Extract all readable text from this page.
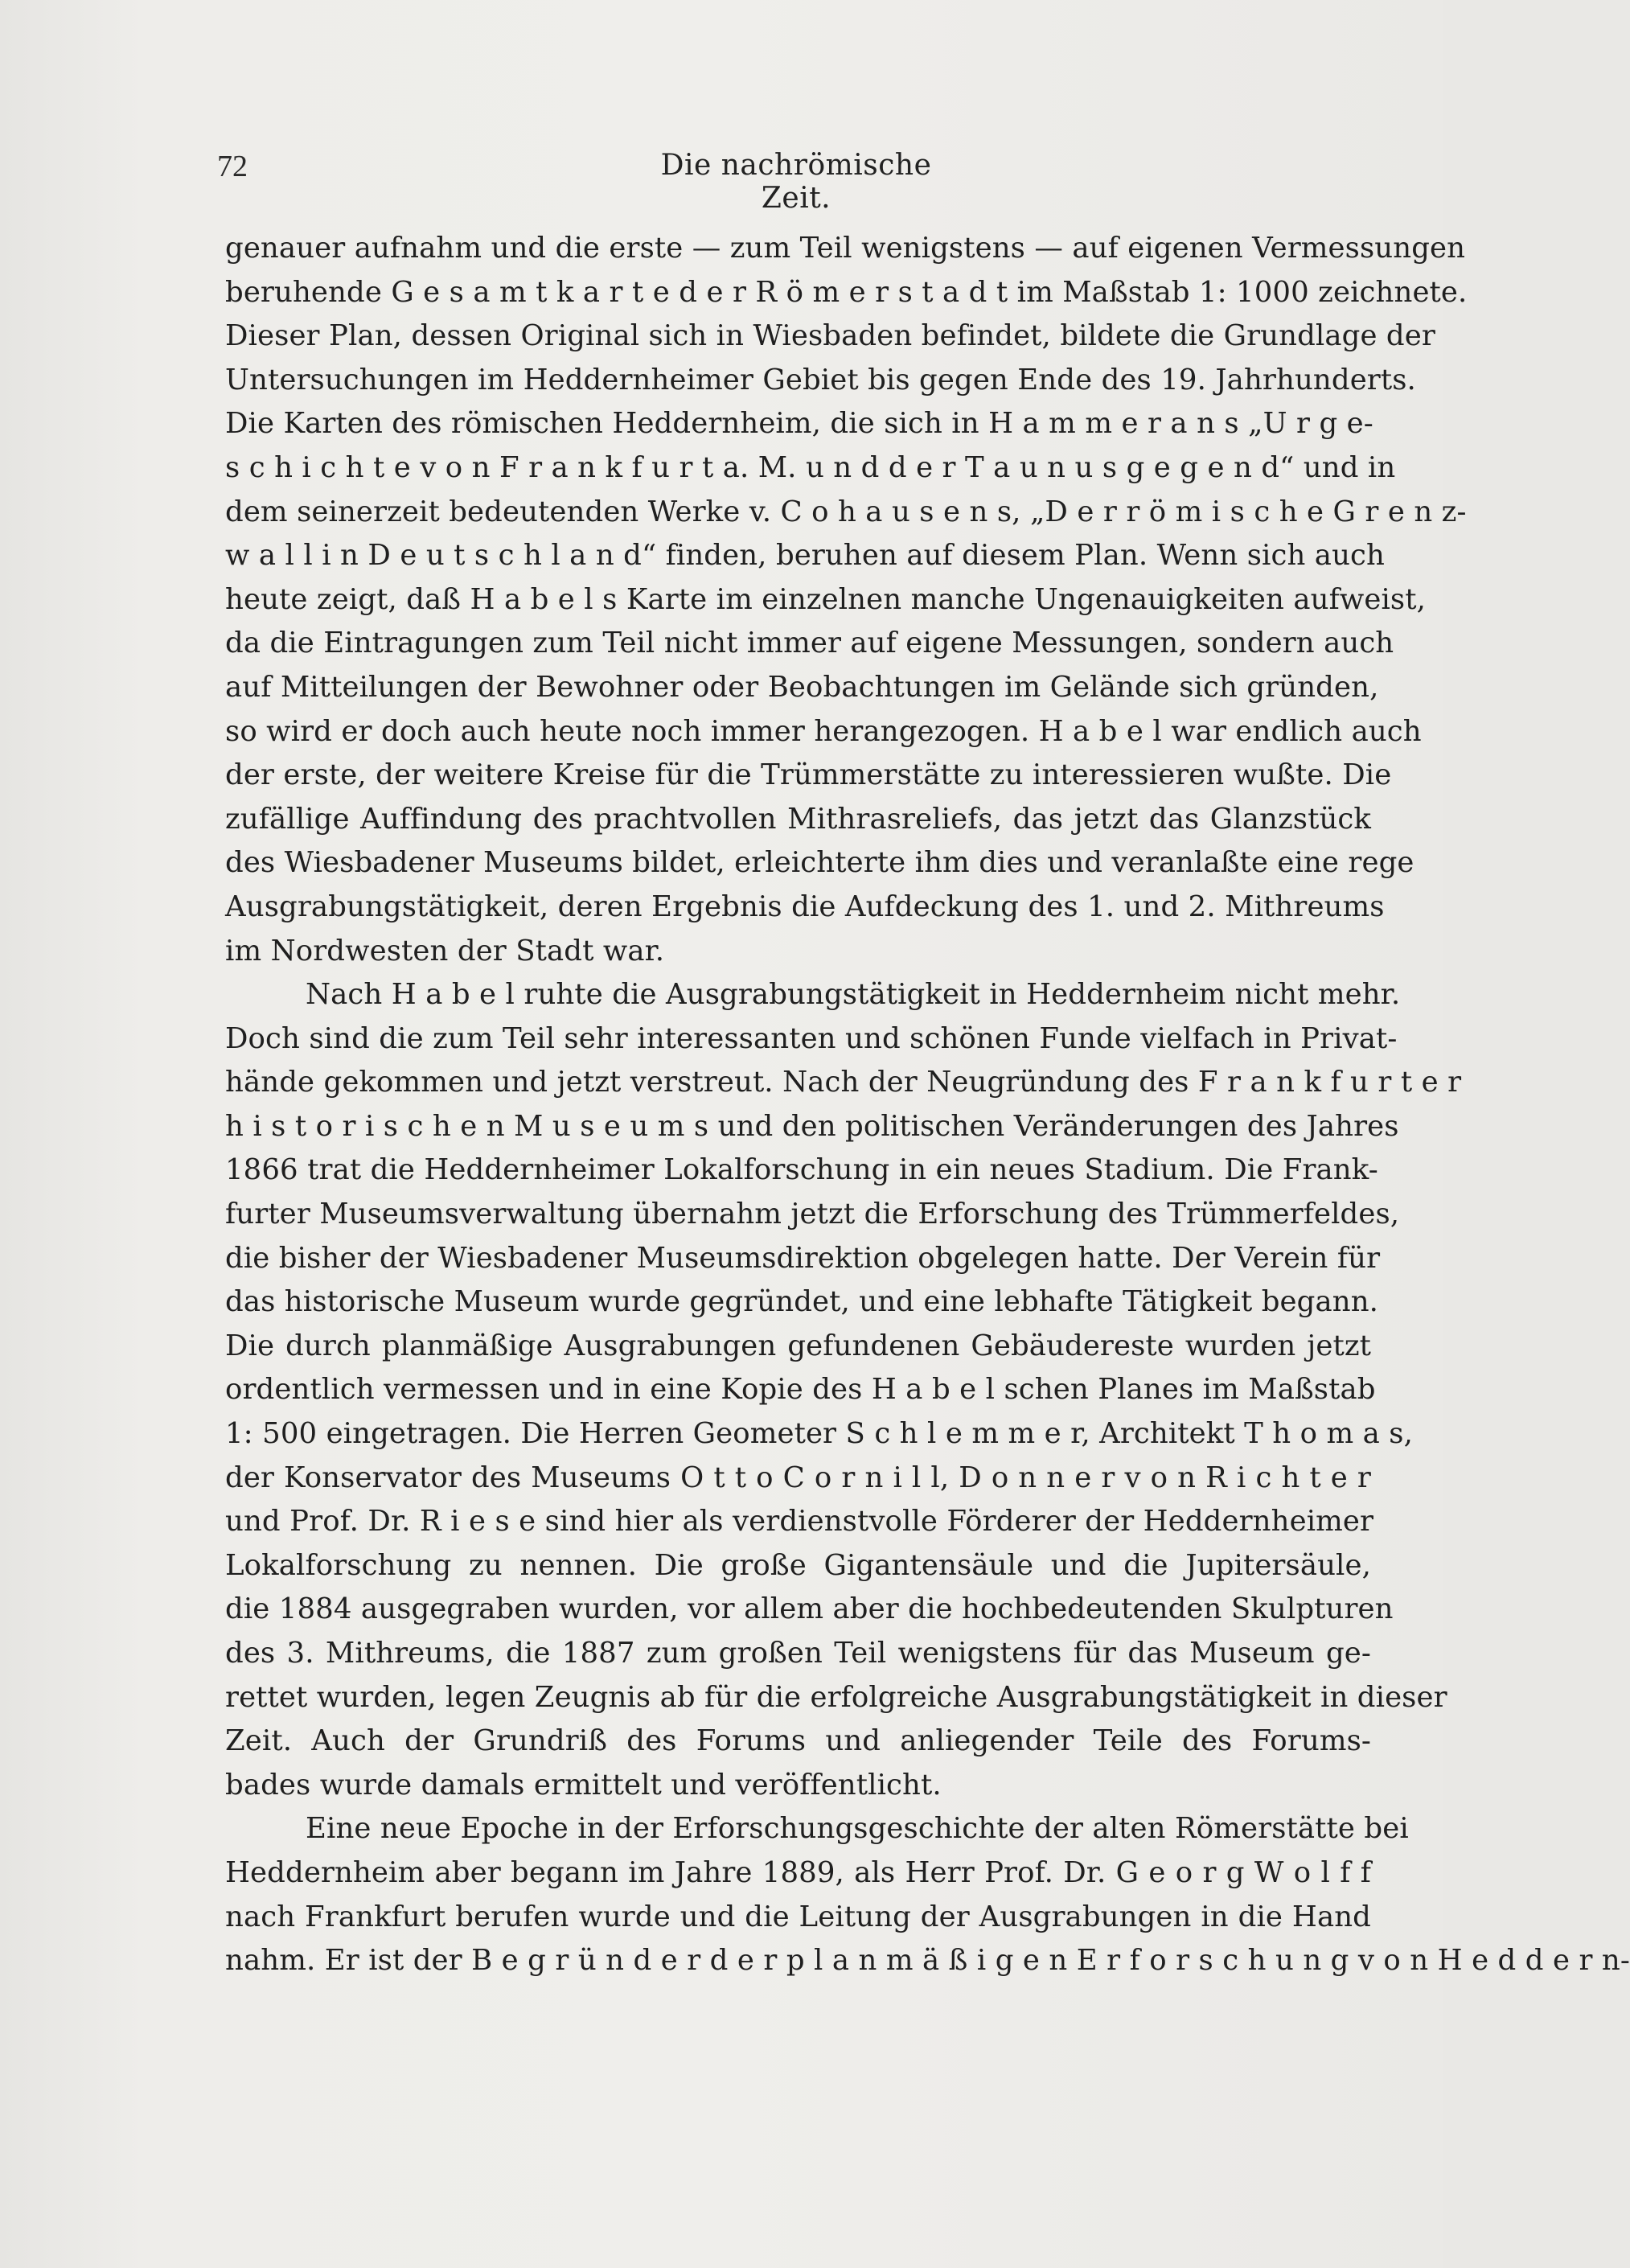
72	Die nachrömische Zeit.
genauer aufnahm und die erste — zum Teil wenigstens — auf eigenen Vermessungen
beruhende G e s a m t k a r t e d e r R ö m e r s t a d t im Maßstab 1: 1000 zeichnete.
Dieser Plan, dessen Original sich in Wiesbaden befindet, bildete die Grundlage der
Untersuchungen im Heddernheimer Gebiet bis gegen Ende des 19. Jahrhunderts.
Die Karten des römischen Heddernheim, die sich in H a m m e r a n s „U r g e-
s c h i c h t e v o n F r a n k f u r t a. M. u n d d e r T a u n u s g e g e n d“ und in
dem seinerzeit bedeutenden Werke v. C o h a u s e n s, „D e r r ö m i s c h e G r e n z-
w a l l i n D e u t s c h l a n d“ finden, beruhen auf diesem Plan. Wenn sich auch
heute zeigt, daß H a b e l s Karte im einzelnen manche Ungenauigkeiten aufweist,
da die Eintragungen zum Teil nicht immer auf eigene Messungen, sondern auch
auf Mitteilungen der Bewohner oder Beobachtungen im Gelände sich gründen,
so wird er doch auch heute noch immer herangezogen. H a b e l war endlich auch
der erste, der weitere Kreise für die Trümmerstätte zu interessieren wußte. Die
zufällige Auffindung des prachtvollen Mithrasreliefs, das jetzt das Glanzstück
des Wiesbadener Museums bildet, erleichterte ihm dies und veranlaßte eine rege
Ausgrabungstätigkeit, deren Ergebnis die Aufdeckung des 1. und 2. Mithreums
im Nordwesten der Stadt war.
Nach H a b e l ruhte die Ausgrabungstätigkeit in Heddernheim nicht mehr.
Doch sind die zum Teil sehr interessanten und schönen Funde vielfach in Privat-
hände gekommen und jetzt verstreut. Nach der Neugründung des F r a n k f u r t e r
h i s t o r i s c h e n M u s e u m s und den politischen Veränderungen des Jahres
1866 trat die Heddernheimer Lokalforschung in ein neues Stadium. Die Frank-
furter Museumsverwaltung übernahm jetzt die Erforschung des Trümmerfeldes,
die bisher der Wiesbadener Museumsdirektion obgelegen hatte. Der Verein für
das historische Museum wurde gegründet, und eine lebhafte Tätigkeit begann.
Die durch planmäßige Ausgrabungen gefundenen Gebäudereste wurden jetzt
ordentlich vermessen und in eine Kopie des H a b e l schen Planes im Maßstab
1: 500 eingetragen. Die Herren Geometer S c h l e m m e r, Architekt T h o m a s,
der Konservator des Museums O t t o C o r n i l l, D o n n e r v o n R i c h t e r
und Prof. Dr. R i e s e sind hier als verdienstvolle Förderer der Heddernheimer
Lokalforschung zu nennen. Die große Gigantensäule und die Jupitersäule,
die 1884 ausgegraben wurden, vor allem aber die hochbedeutenden Skulpturen
des 3. Mithreums, die 1887 zum großen Teil wenigstens für das Museum ge-
rettet wurden, legen Zeugnis ab für die erfolgreiche Ausgrabungstätigkeit in dieser
Zeit. Auch der Grundriß des Forums und anliegender Teile des Forums-
bades wurde damals ermittelt und veröffentlicht.
Eine neue Epoche in der Erforschungsgeschichte der alten Römerstätte bei
Heddernheim aber begann im Jahre 1889, als Herr Prof. Dr. G e o r g W o l f f
nach Frankfurt berufen wurde und die Leitung der Ausgrabungen in die Hand
nahm. Er ist der B e g r ü n d e r d e r p l a n m ä ß i g e n E r f o r s c h u n g v o n H e d d e r n-
